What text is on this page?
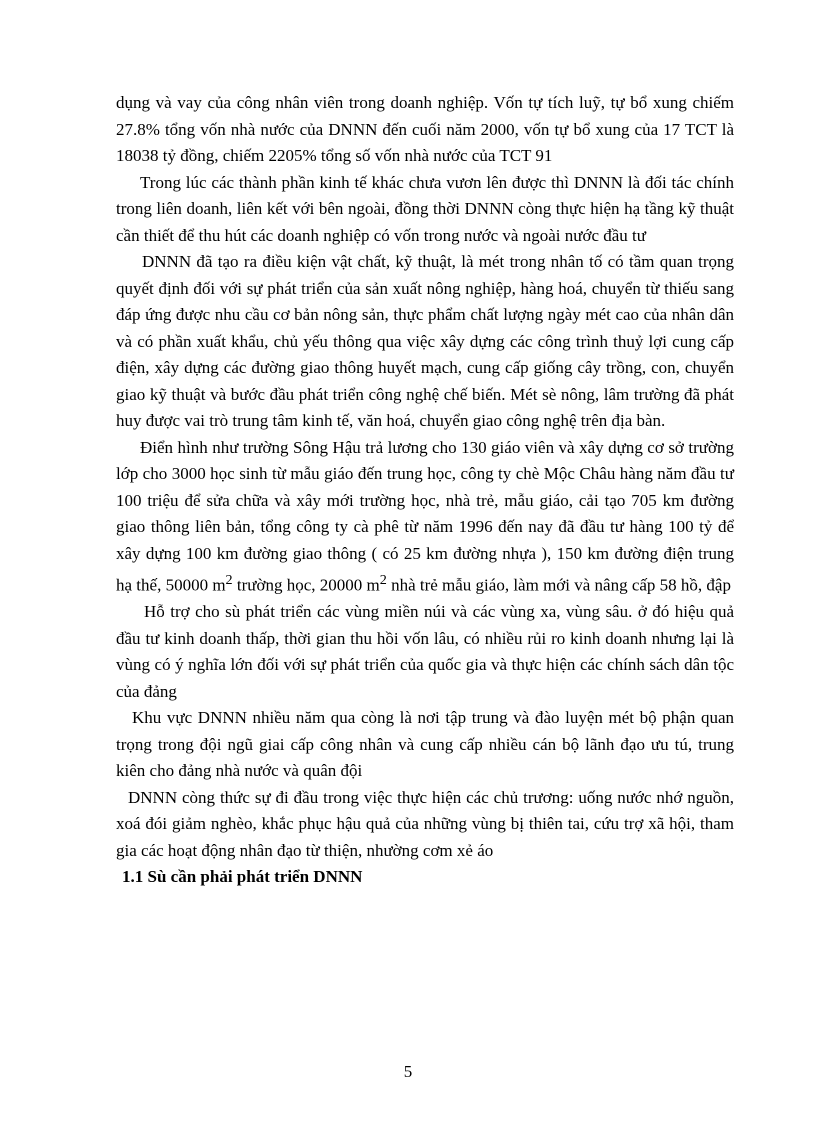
dụng và vay của công nhân viên trong doanh nghiệp. Vốn tự tích luỹ, tự bổ xung chiếm 27.8% tổng vốn nhà nước của DNNN đến cuối năm 2000, vốn tự bổ xung của 17 TCT là 18038 tỷ đồng, chiếm 2205% tổng số vốn nhà nước của TCT 91

Trong lúc các thành phần kinh tế khác chưa vươn lên được thì DNNN là đối tác chính trong liên doanh, liên kết với bên ngoài, đồng thời DNNN còng thực hiện hạ tầng kỹ thuật cần thiết để thu hút các doanh nghiệp có vốn trong nước và ngoài nước đầu tư

DNNN đã tạo ra điều kiện vật chất, kỹ thuật, là mét trong nhân tố có tầm quan trọng quyết định đối với sự phát triển của sản xuất nông nghiệp, hàng hoá, chuyển từ thiếu sang đáp ứng được nhu cầu cơ bản nông sản, thực phẩm chất lượng ngày mét cao của nhân dân và có phần xuất khẩu, chủ yếu thông qua việc xây dựng các công trình thuỷ lợi cung cấp điện, xây dựng các đường giao thông huyết mạch, cung cấp giống cây trồng, con, chuyển giao kỹ thuật và bước đầu phát triển công nghệ chế biến. Mét sè nông, lâm trường đã phát huy được vai trò trung tâm kinh tế, văn hoá, chuyển giao công nghệ trên địa bàn.

Điển hình như trường Sông Hậu trả lương cho 130 giáo viên và xây dựng cơ sở trường lớp cho 3000 học sinh từ mẫu giáo đến trung học, công ty chè Mộc Châu hàng năm đầu tư 100 triệu để sửa chữa và xây mới trường học, nhà trẻ, mẫu giáo, cải tạo 705 km đường giao thông liên bản, tổng công ty cà phê từ năm 1996 đến nay đã đầu tư hàng 100 tỷ để xây dựng 100 km đường giao thông ( có 25 km đường nhựa ), 150 km đường điện trung hạ thế, 50000 $m^2$ trường học, 20000 $m^2$ nhà trẻ mẫu giáo, làm mới và nâng cấp 58 hồ, đập

Hỗ trợ cho sù phát triển các vùng miền núi và các vùng xa, vùng sâu. ở đó hiệu quả đầu tư kinh doanh thấp, thời gian thu hồi vốn lâu, có nhiều rủi ro kinh doanh nhưng lại là vùng có ý nghĩa lớn đối với sự phát triển của quốc gia và thực hiện các chính sách dân tộc của đảng

Khu vực DNNN nhiều năm qua còng là nơi tập trung và đào luyện mét bộ phận quan trọng trong đội ngũ giai cấp công nhân và cung cấp nhiều cán bộ lãnh đạo ưu tú, trung kiên cho đảng nhà nước và quân đội

DNNN còng thức sự đi đầu trong việc thực hiện các chủ trương: uống nước nhớ nguồn, xoá đói giảm nghèo, khắc phục hậu quả của những vùng bị thiên tai, cứu trợ xã hội, tham gia các hoạt động nhân đạo từ thiện, nhường cơm xẻ áo

1.1 Sù cần phải phát triển DNNN

5
